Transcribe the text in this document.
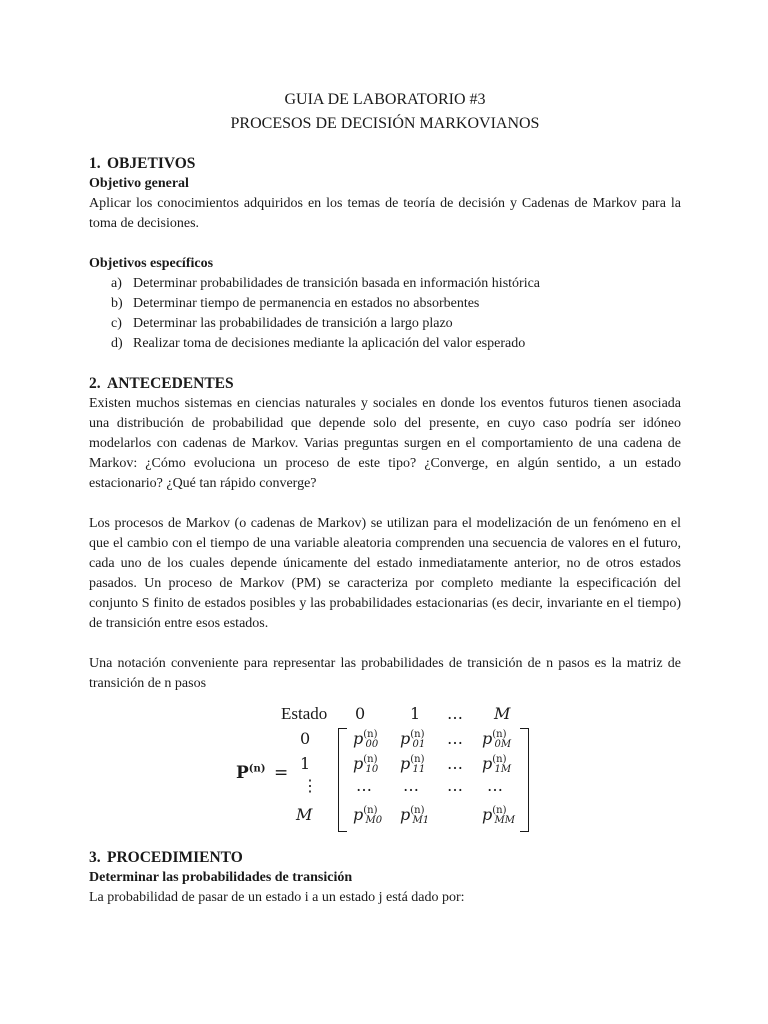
GUIA DE LABORATORIO #3

PROCESOS DE DECISIÓN MARKOVIANOS

1. OBJETIVOS

Objetivo general

Aplicar los conocimientos adquiridos en los temas de teoría de decisión y Cadenas de Markov para la toma de decisiones.

Objetivos específicos

a) Determinar probabilidades de transición basada en información histórica
b) Determinar tiempo de permanencia en estados no absorbentes
c) Determinar las probabilidades de transición a largo plazo
d) Realizar toma de decisiones mediante la aplicación del valor esperado
2. ANTECEDENTES

Existen muchos sistemas en ciencias naturales y sociales en donde los eventos futuros tienen asociada una distribución de probabilidad que depende solo del presente, en cuyo caso podría ser idóneo modelarlos con cadenas de Markov. Varias preguntas surgen en el comportamiento de una cadena de Markov: ¿Cómo evoluciona un proceso de este tipo? ¿Converge, en algún sentido, a un estado estacionario? ¿Qué tan rápido converge?

Los procesos de Markov (o cadenas de Markov) se utilizan para el modelización de un fenómeno en el que el cambio con el tiempo de una variable aleatoria comprenden una secuencia de valores en el futuro, cada uno de los cuales depende únicamente del estado inmediatamente anterior, no de otros estados pasados. Un proceso de Markov (PM) se caracteriza por completo mediante la especificación del conjunto S finito de estados posibles y las probabilidades estacionarias (es decir, invariante en el tiempo) de transición entre esos estados.

Una notación conveniente para representar las probabilidades de transición de n pasos es la matriz de transición de n pasos

Estado 0	1 … M
0
1
⋮
M
$P^{(n)}$ =
$p^{(n)}00$ $p^{(n)}01$ … $p^{(n)}0M$
$p^{(n)}10$ $p^{(n)}11$ … $p^{(n)}1M$
… … … …
$p^{(n)}M0$ $p^{(n)}M1$	$p^{(n)}MM$
3. PROCEDIMIENTO

Determinar las probabilidades de transición

La probabilidad de pasar de un estado i a un estado j está dado por:
